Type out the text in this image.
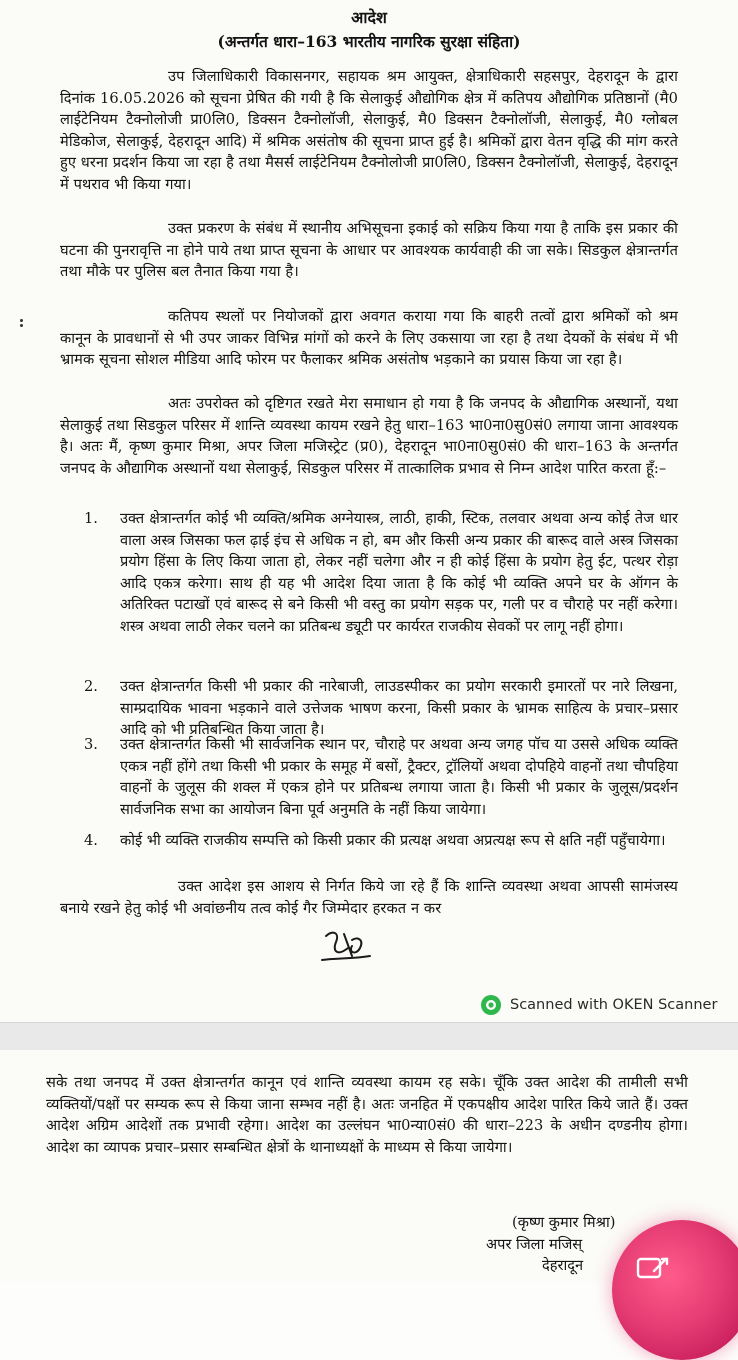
आदेश

(अन्तर्गत धारा–163 भारतीय नागरिक सुरक्षा संहिता)

उप जिलाधिकारी विकासनगर, सहायक श्रम आयुक्त, क्षेत्राधिकारी सहसपुर, देहरादून के द्वारा दिनांक 16.05.2026 को सूचना प्रेषित की गयी है कि सेलाकुई औद्योगिक क्षेत्र में कतिपय औद्योगिक प्रतिष्ठानों (मै0 लाईटेनियम टैक्नोलोजी प्रा0लि0, डिक्सन टैक्नोलॉजी, सेलाकुई, मै0 डिक्सन टैक्नोलॉजी, सेलाकुई, मै0 ग्लोबल मेडिकोज, सेलाकुई, देहरादून आदि) में श्रमिक असंतोष की सूचना प्राप्त हुई है। श्रमिकों द्वारा वेतन वृद्धि की मांग करते हुए धरना प्रदर्शन किया जा रहा है तथा मैसर्स लाईटेनियम टैक्नोलोजी प्रा0लि0, डिक्सन टैक्नोलॉजी, सेलाकुई, देहरादून में पथराव भी किया गया।

उक्त प्रकरण के संबंध में स्थानीय अभिसूचना इकाई को सक्रिय किया गया है ताकि इस प्रकार की घटना की पुनरावृत्ति ना होने पाये तथा प्राप्त सूचना के आधार पर आवश्यक कार्यवाही की जा सके। सिडकुल क्षेत्रान्तर्गत तथा मौके पर पुलिस बल तैनात किया गया है।

कतिपय स्थलों पर नियोजकों द्वारा अवगत कराया गया कि बाहरी तत्वों द्वारा श्रमिकों को श्रम कानून के प्रावधानों से भी उपर जाकर विभिन्न मांगों को करने के लिए उकसाया जा रहा है तथा देयकों के संबंध में भी भ्रामक सूचना सोशल मीडिया आदि फोरम पर फैलाकर श्रमिक असंतोष भड़काने का प्रयास किया जा रहा है।

अतः उपरोक्त को दृष्टिगत रखते मेरा समाधान हो गया है कि जनपद के औद्यागिक अस्थानों, यथा सेलाकुई तथा सिडकुल परिसर में शान्ति व्यवस्था कायम रखने हेतु धारा–163 भा0ना0सु0सं0 लगाया जाना आवश्यक है। अतः मैं, कृष्ण कुमार मिश्रा, अपर जिला मजिस्ट्रेट (प्र0), देहरादून भा0ना0सु0सं0 की धारा–163 के अन्तर्गत जनपद के औद्यागिक अस्थानों यथा सेलाकुई, सिडकुल परिसर में तात्कालिक प्रभाव से निम्न आदेश पारित करता हूँ:–

1.	उक्त क्षेत्रान्तर्गत कोई भी व्यक्ति/श्रमिक अग्नेयास्त्र, लाठी, हाकी, स्टिक, तलवार अथवा अन्य कोई तेज धार वाला अस्त्र जिसका फल ढ़ाई इंच से अधिक न हो, बम और किसी अन्य प्रकार की बारूद वाले अस्त्र जिसका प्रयोग हिंसा के लिए किया जाता हो, लेकर नहीं चलेगा और न ही कोई हिंसा के प्रयोग हेतु ईट, पत्थर रोड़ा आदि एकत्र करेगा। साथ ही यह भी आदेश दिया जाता है कि कोई भी व्यक्ति अपने घर के ऑगन के अतिरिक्त पटाखों एवं बारूद से बने किसी भी वस्तु का प्रयोग सड़क पर, गली पर व चौराहे पर नहीं करेगा। शस्त्र अथवा लाठी लेकर चलने का प्रतिबन्ध ड्यूटी पर कार्यरत राजकीय सेवकों पर लागू नहीं होगा।
2.	उक्त क्षेत्रान्तर्गत किसी भी प्रकार की नारेबाजी, लाउडस्पीकर का प्रयोग सरकारी इमारतों पर नारे लिखना, साम्प्रदायिक भावना भड़काने वाले उत्तेजक भाषण करना, किसी प्रकार के भ्रामक साहित्य के प्रचार–प्रसार आदि को भी प्रतिबन्धित किया जाता है।
3.	उक्त क्षेत्रान्तर्गत किसी भी सार्वजनिक स्थान पर, चौराहे पर अथवा अन्य जगह पॉच या उससे अधिक व्यक्ति एकत्र नहीं होंगे तथा किसी भी प्रकार के समूह में बसों, ट्रैक्टर, ट्रॉलियों अथवा दोपहिये वाहनों तथा चौपहिया वाहनों के जुलूस की शक्ल में एकत्र होने पर प्रतिबन्ध लगाया जाता है। किसी भी प्रकार के जुलूस/प्रदर्शन सार्वजनिक सभा का आयोजन बिना पूर्व अनुमति के नहीं किया जायेगा।
4.	कोई भी व्यक्ति राजकीय सम्पत्ति को किसी प्रकार की प्रत्यक्ष अथवा अप्रत्यक्ष रूप से क्षति नहीं पहुँचायेगा।

उक्त आदेश इस आशय से निर्गत किये जा रहे हैं कि शान्ति व्यवस्था अथवा आपसी सामंजस्य बनाये रखने हेतु कोई भी अवांछनीय तत्व कोई गैर जिम्मेदार हरकत न कर

Scanned with OKEN Scanner

सके तथा जनपद में उक्त क्षेत्रान्तर्गत कानून एवं शान्ति व्यवस्था कायम रह सके। चूँकि उक्त आदेश की तामीली सभी व्यक्तियों/पक्षों पर सम्यक रूप से किया जाना सम्भव नहीं है। अतः जनहित में एकपक्षीय आदेश पारित किये जाते हैं। उक्त आदेश अग्रिम आदेशों तक प्रभावी रहेगा। आदेश का उल्लंघन भा0न्या0सं0 की धारा–223 के अधीन दण्डनीय होगा। आदेश का व्यापक प्रचार–प्रसार सम्बन्धित क्षेत्रों के थानाध्यक्षों के माध्यम से किया जायेगा।

(कृष्ण कुमार मिश्रा)
अपर जिला मजिस्
देहरादून
